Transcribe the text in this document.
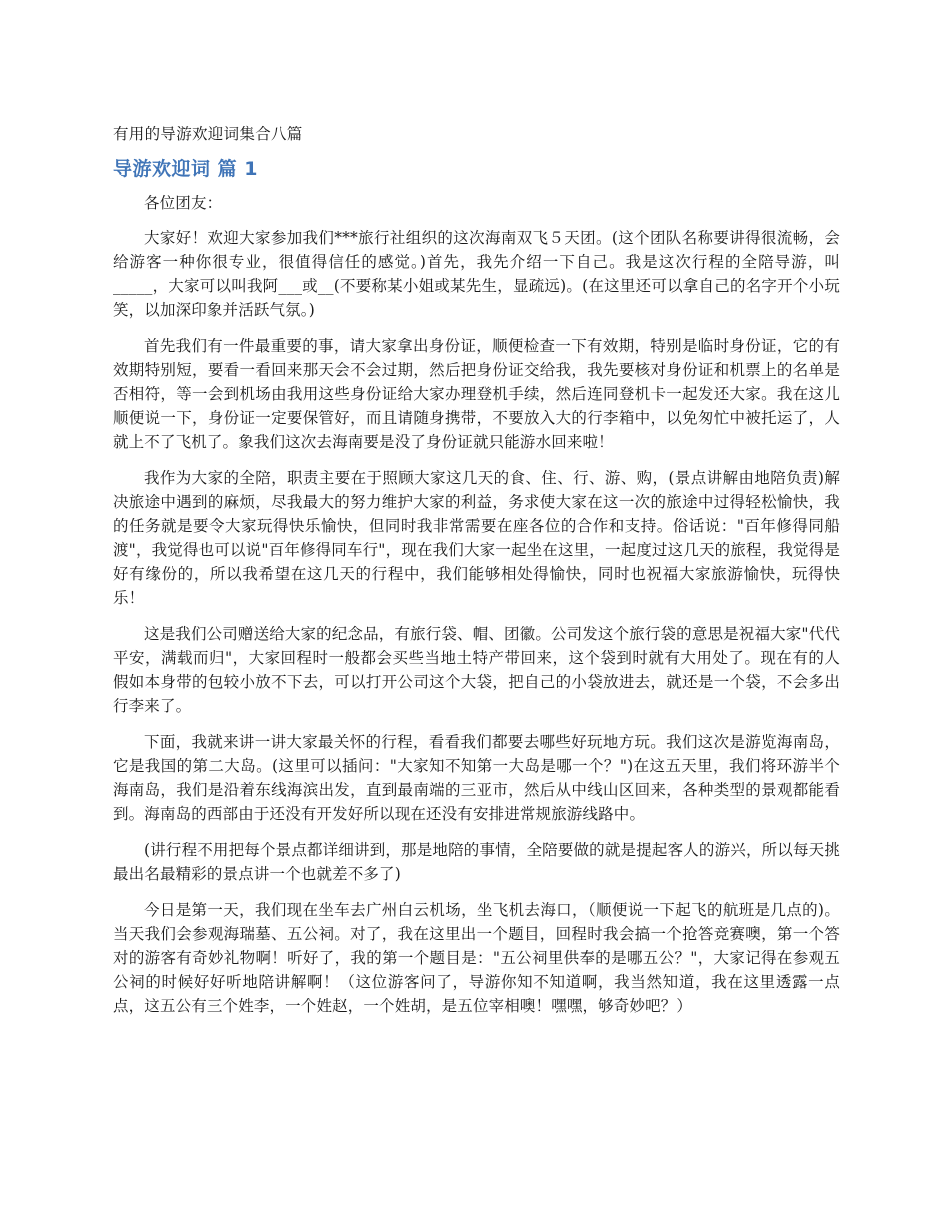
有用的导游欢迎词集合八篇
导游欢迎词 篇 1

各位团友：

大家好！欢迎大家参加我们***旅行社组织的这次海南双飞５天团。(这个团队名称要讲得很流畅，会给游客一种你很专业，很值得信任的感觉。)首先，我先介绍一下自己。我是这次行程的全陪导游，叫_____，大家可以叫我阿___或__(不要称某小姐或某先生，显疏远)。(在这里还可以拿自己的名字开个小玩笑，以加深印象并活跃气氛。)

首先我们有一件最重要的事，请大家拿出身份证，顺便检查一下有效期，特别是临时身份证，它的有效期特别短，要看一看回来那天会不会过期，然后把身份证交给我，我先要核对身份证和机票上的名单是否相符，等一会到机场由我用这些身份证给大家办理登机手续，然后连同登机卡一起发还大家。我在这儿顺便说一下，身份证一定要保管好，而且请随身携带，不要放入大的行李箱中，以免匆忙中被托运了，人就上不了飞机了。象我们这次去海南要是没了身份证就只能游水回来啦！

我作为大家的全陪，职责主要在于照顾大家这几天的食、住、行、游、购，(景点讲解由地陪负责)解决旅途中遇到的麻烦，尽我最大的努力维护大家的利益，务求使大家在这一次的旅途中过得轻松愉快，我的任务就是要令大家玩得快乐愉快，但同时我非常需要在座各位的合作和支持。俗话说："百年修得同船渡"，我觉得也可以说"百年修得同车行"，现在我们大家一起坐在这里，一起度过这几天的旅程，我觉得是好有缘份的，所以我希望在这几天的行程中，我们能够相处得愉快，同时也祝福大家旅游愉快，玩得快乐！

这是我们公司赠送给大家的纪念品，有旅行袋、帽、团徽。公司发这个旅行袋的意思是祝福大家"代代平安，满载而归"，大家回程时一般都会买些当地土特产带回来，这个袋到时就有大用处了。现在有的人假如本身带的包较小放不下去，可以打开公司这个大袋，把自己的小袋放进去，就还是一个袋，不会多出行李来了。

下面，我就来讲一讲大家最关怀的行程，看看我们都要去哪些好玩地方玩。我们这次是游览海南岛，它是我国的第二大岛。(这里可以插问："大家知不知第一大岛是哪一个？")在这五天里，我们将环游半个海南岛，我们是沿着东线海滨出发，直到最南端的三亚市，然后从中线山区回来，各种类型的景观都能看到。海南岛的西部由于还没有开发好所以现在还没有安排进常规旅游线路中。

(讲行程不用把每个景点都详细讲到，那是地陪的事情，全陪要做的就是提起客人的游兴，所以每天挑最出名最精彩的景点讲一个也就差不多了)

今日是第一天，我们现在坐车去广州白云机场，坐飞机去海口，（顺便说一下起飞的航班是几点的)。当天我们会参观海瑞墓、五公祠。对了，我在这里出一个题目，回程时我会搞一个抢答竞赛噢，第一个答对的游客有奇妙礼物啊！听好了，我的第一个题目是："五公祠里供奉的是哪五公？"，大家记得在参观五公祠的时候好好听地陪讲解啊！（这位游客问了，导游你知不知道啊，我当然知道，我在这里透露一点点，这五公有三个姓李，一个姓赵，一个姓胡，是五位宰相噢！嘿嘿，够奇妙吧？）
